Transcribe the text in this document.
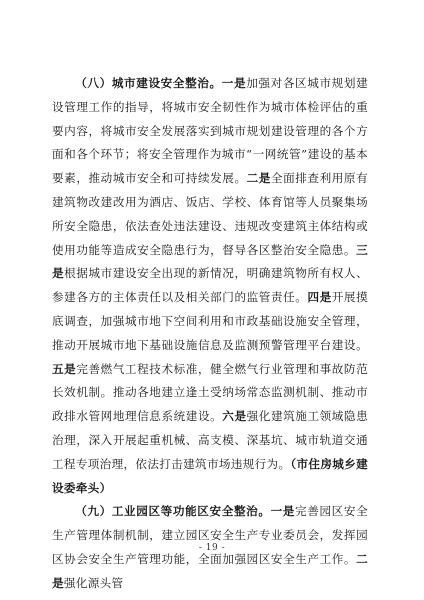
（八）城市建设安全整治。一是加强对各区城市规划建设管理工作的指导，将城市安全韧性作为城市体检评估的重要内容，将城市安全发展落实到城市规划建设管理的各个方面和各个环节；将安全管理作为城市“一网统管”建设的基本要素，推动城市安全和可持续发展。二是全面排查利用原有建筑物改建改用为酒店、饭店、学校、体育馆等人员聚集场所安全隐患，依法查处违法建设、违规改变建筑主体结构或使用功能等造成安全隐患行为，督导各区整治安全隐患。三是根据城市建设安全出现的新情况，明确建筑物所有权人、参建各方的主体责任以及相关部门的监管责任。四是开展摸底调查，加强城市地下空间利用和市政基础设施安全管理，推动开展城市地下基础设施信息及监测预警管理平台建设。五是完善燃气工程技术标准，健全燃气行业管理和事故防范长效机制。推动各地建立逢土受纳场常态监测机制、推动市政排水管网地理信息系统建设。六是强化建筑施工领域隐患治理，深入开展起重机械、高支模、深基坑、城市轨道交通工程专项治理，依法打击建筑市场违规行为。（市住房城乡建设委牵头）

（九）工业园区等功能区安全整治。一是完善园区安全生产管理体制机制，建立园区安全生产专业委员会，发挥园区协会安全生产管理功能，全面加强园区安全生产工作。二是强化源头管

- 19 -
